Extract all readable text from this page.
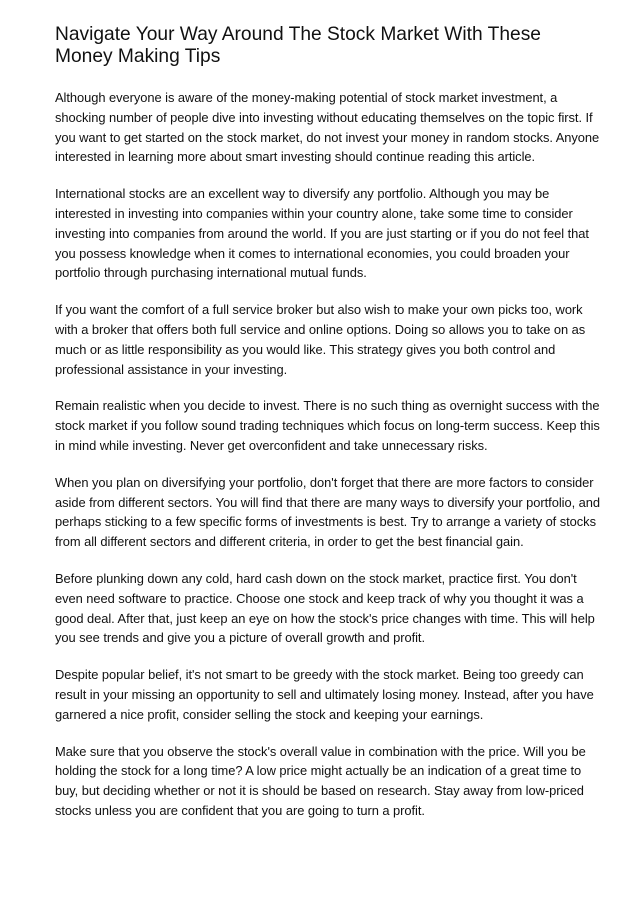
Navigate Your Way Around The Stock Market With These Money Making Tips

Although everyone is aware of the money-making potential of stock market investment, a shocking number of people dive into investing without educating themselves on the topic first. If you want to get started on the stock market, do not invest your money in random stocks. Anyone interested in learning more about smart investing should continue reading this article.

International stocks are an excellent way to diversify any portfolio. Although you may be interested in investing into companies within your country alone, take some time to consider investing into companies from around the world. If you are just starting or if you do not feel that you possess knowledge when it comes to international economies, you could broaden your portfolio through purchasing international mutual funds.

If you want the comfort of a full service broker but also wish to make your own picks too, work with a broker that offers both full service and online options. Doing so allows you to take on as much or as little responsibility as you would like. This strategy gives you both control and professional assistance in your investing.

Remain realistic when you decide to invest. There is no such thing as overnight success with the stock market if you follow sound trading techniques which focus on long-term success. Keep this in mind while investing. Never get overconfident and take unnecessary risks.

When you plan on diversifying your portfolio, don't forget that there are more factors to consider aside from different sectors. You will find that there are many ways to diversify your portfolio, and perhaps sticking to a few specific forms of investments is best. Try to arrange a variety of stocks from all different sectors and different criteria, in order to get the best financial gain.

Before plunking down any cold, hard cash down on the stock market, practice first. You don't even need software to practice. Choose one stock and keep track of why you thought it was a good deal. After that, just keep an eye on how the stock's price changes with time. This will help you see trends and give you a picture of overall growth and profit.

Despite popular belief, it's not smart to be greedy with the stock market. Being too greedy can result in your missing an opportunity to sell and ultimately losing money. Instead, after you have garnered a nice profit, consider selling the stock and keeping your earnings.

Make sure that you observe the stock's overall value in combination with the price. Will you be holding the stock for a long time? A low price might actually be an indication of a great time to buy, but deciding whether or not it is should be based on research. Stay away from low-priced stocks unless you are confident that you are going to turn a profit.
